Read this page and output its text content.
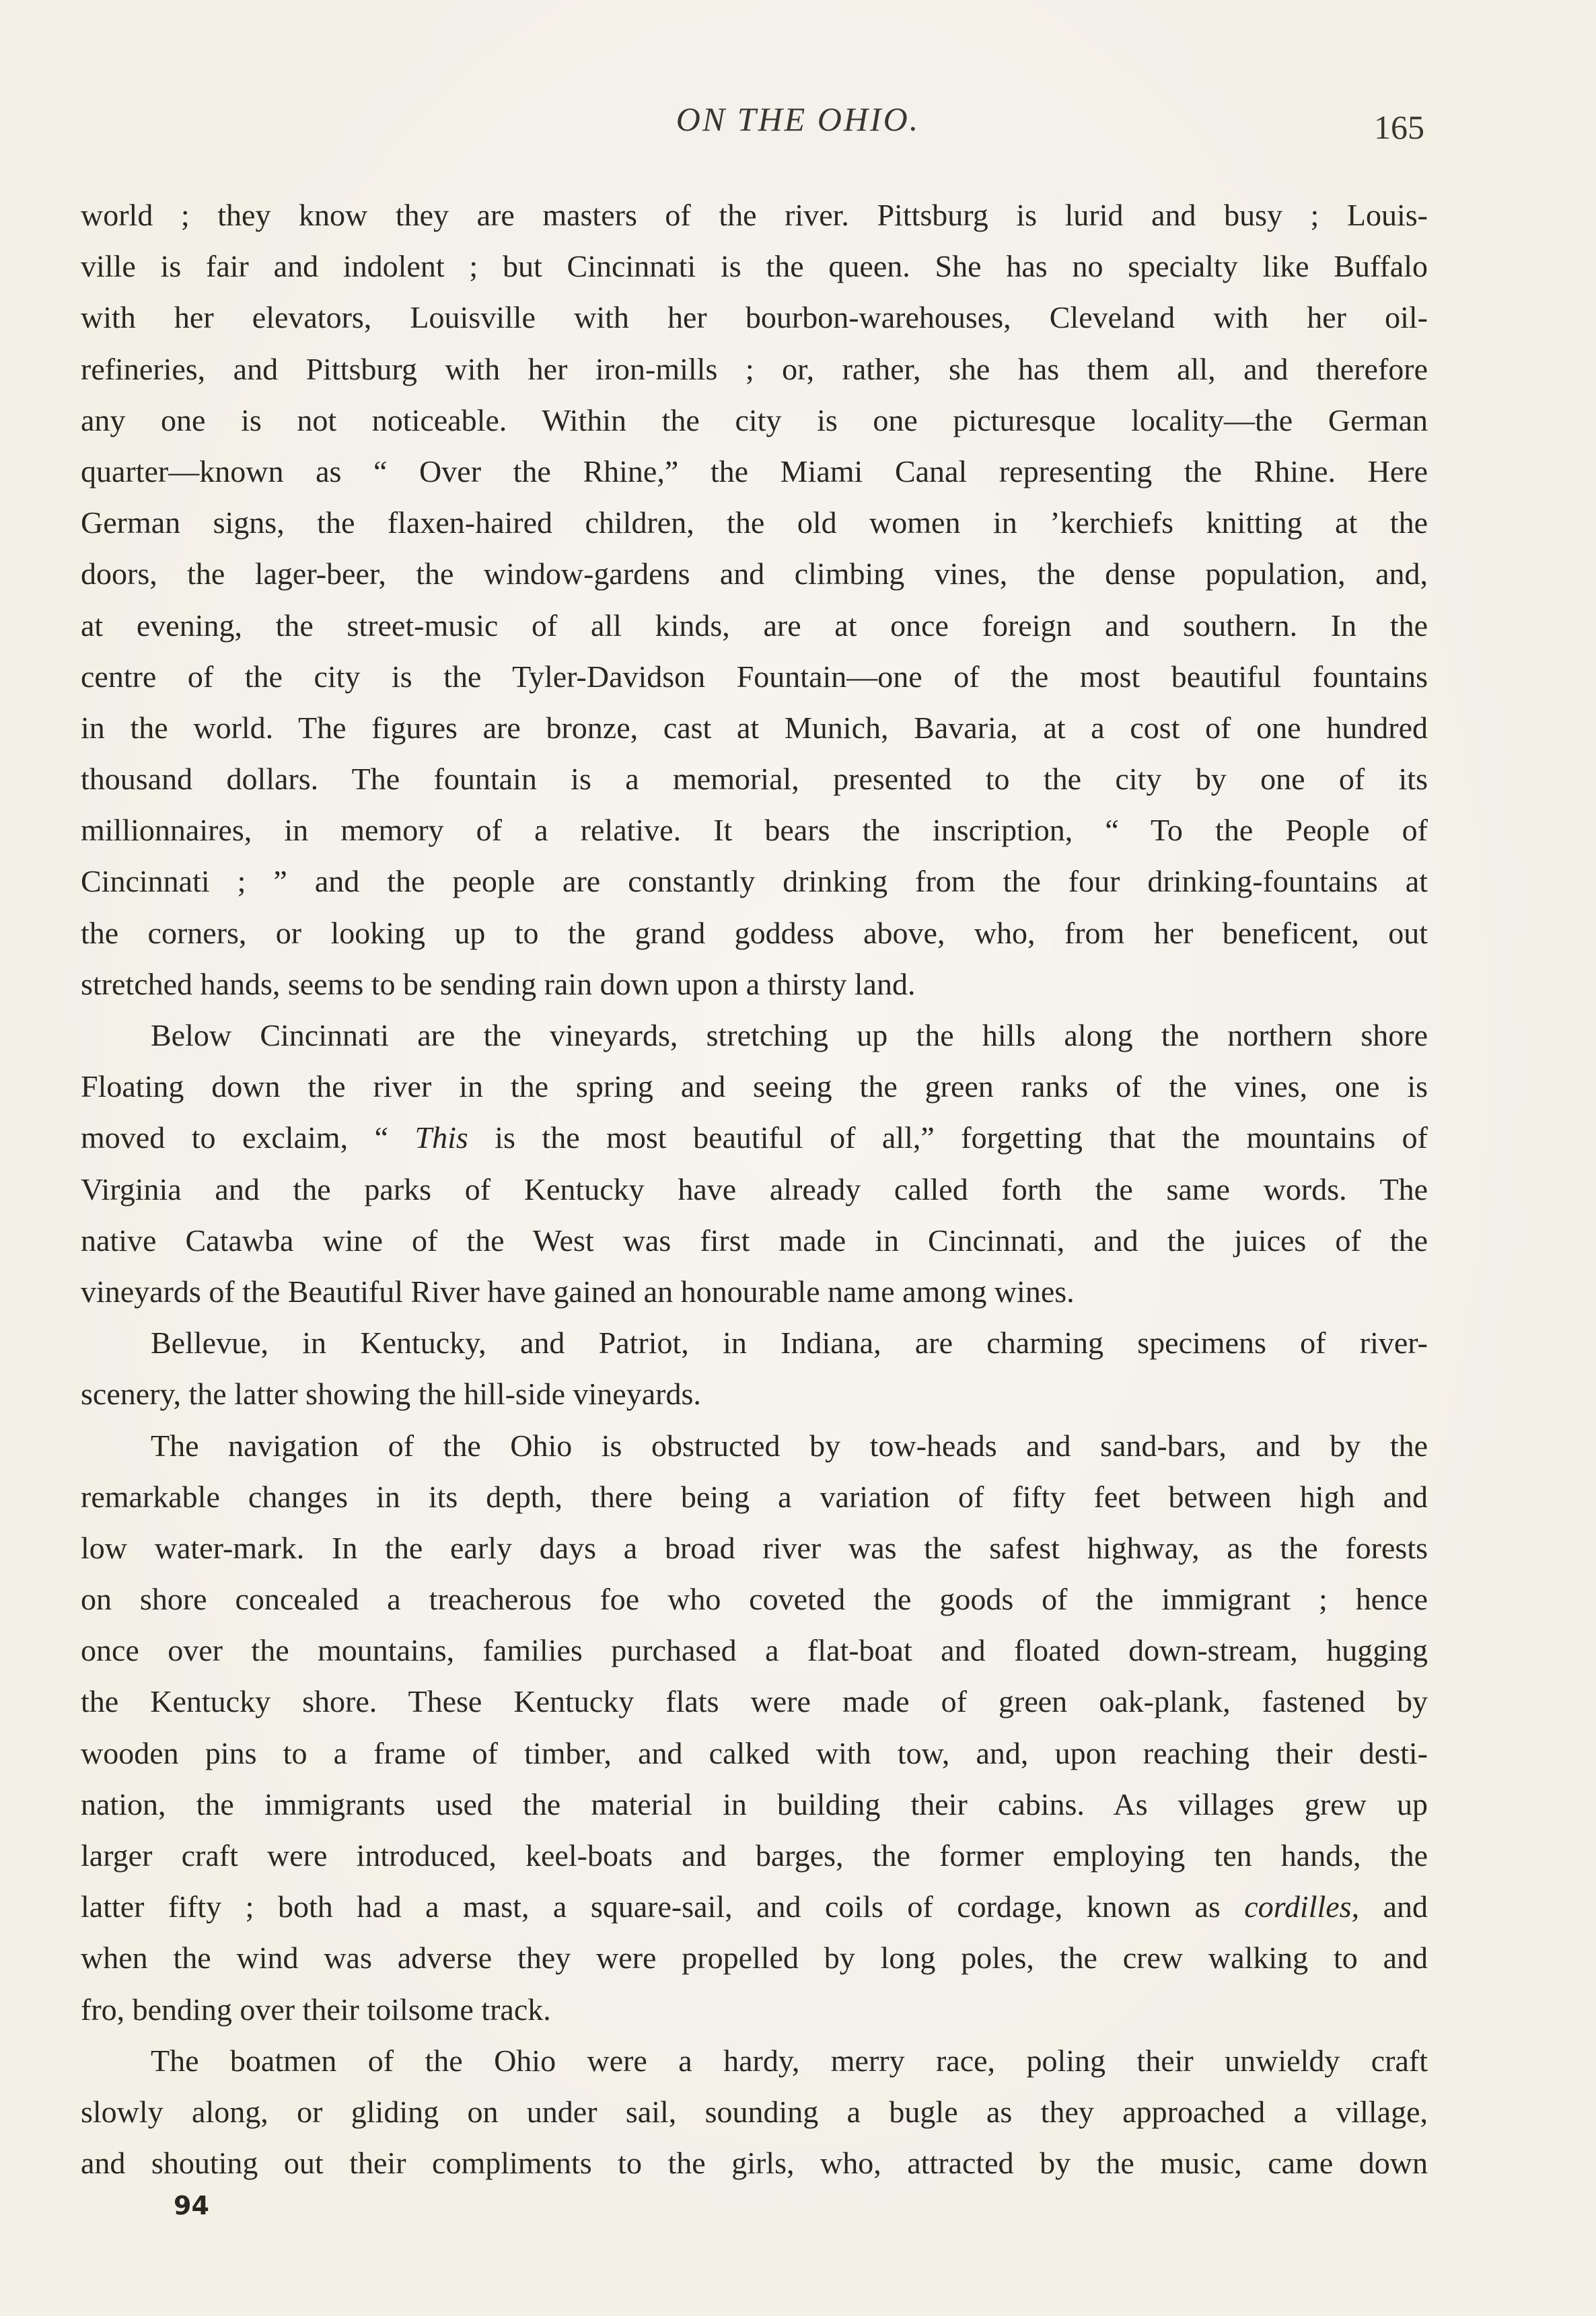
ON THE OHIO.	165
world ; they know they are masters of the river. Pittsburg is lurid and busy ; Louis-
ville is fair and indolent ; but Cincinnati is the queen. She has no specialty like Buffalo
with her elevators, Louisville with her bourbon-warehouses, Cleveland with her oil-
refineries, and Pittsburg with her iron-mills ; or, rather, she has them all, and therefore
any one is not noticeable. Within the city is one picturesque locality—the German
quarter—known as “ Over the Rhine,” the Miami Canal representing the Rhine. Here
German signs, the flaxen-haired children, the old women in ’kerchiefs knitting at the
doors, the lager-beer, the window-gardens and climbing vines, the dense population, and,
at evening, the street-music of all kinds, are at once foreign and southern. In the
centre of the city is the Tyler-Davidson Fountain—one of the most beautiful fountains
in the world. The figures are bronze, cast at Munich, Bavaria, at a cost of one hundred
thousand dollars. The fountain is a memorial, presented to the city by one of its
millionnaires, in memory of a relative. It bears the inscription, “ To the People of
Cincinnati ; ” and the people are constantly drinking from the four drinking-fountains at
the corners, or looking up to the grand goddess above, who, from her beneficent, out
stretched hands, seems to be sending rain down upon a thirsty land.
Below Cincinnati are the vineyards, stretching up the hills along the northern shore
Floating down the river in the spring and seeing the green ranks of the vines, one is
moved to exclaim, “ This is the most beautiful of all,” forgetting that the mountains of
Virginia and the parks of Kentucky have already called forth the same words. The
native Catawba wine of the West was first made in Cincinnati, and the juices of the
vineyards of the Beautiful River have gained an honourable name among wines.
Bellevue, in Kentucky, and Patriot, in Indiana, are charming specimens of river-
scenery, the latter showing the hill-side vineyards.
The navigation of the Ohio is obstructed by tow-heads and sand-bars, and by the
remarkable changes in its depth, there being a variation of fifty feet between high and
low water-mark. In the early days a broad river was the safest highway, as the forests
on shore concealed a treacherous foe who coveted the goods of the immigrant ; hence
once over the mountains, families purchased a flat-boat and floated down-stream, hugging
the Kentucky shore. These Kentucky flats were made of green oak-plank, fastened by
wooden pins to a frame of timber, and calked with tow, and, upon reaching their desti-
nation, the immigrants used the material in building their cabins. As villages grew up
larger craft were introduced, keel-boats and barges, the former employing ten hands, the
latter fifty ; both had a mast, a square-sail, and coils of cordage, known as cordilles, and
when the wind was adverse they were propelled by long poles, the crew walking to and
fro, bending over their toilsome track.
The boatmen of the Ohio were a hardy, merry race, poling their unwieldy craft
slowly along, or gliding on under sail, sounding a bugle as they approached a village,
and shouting out their compliments to the girls, who, attracted by the music, came down
94
